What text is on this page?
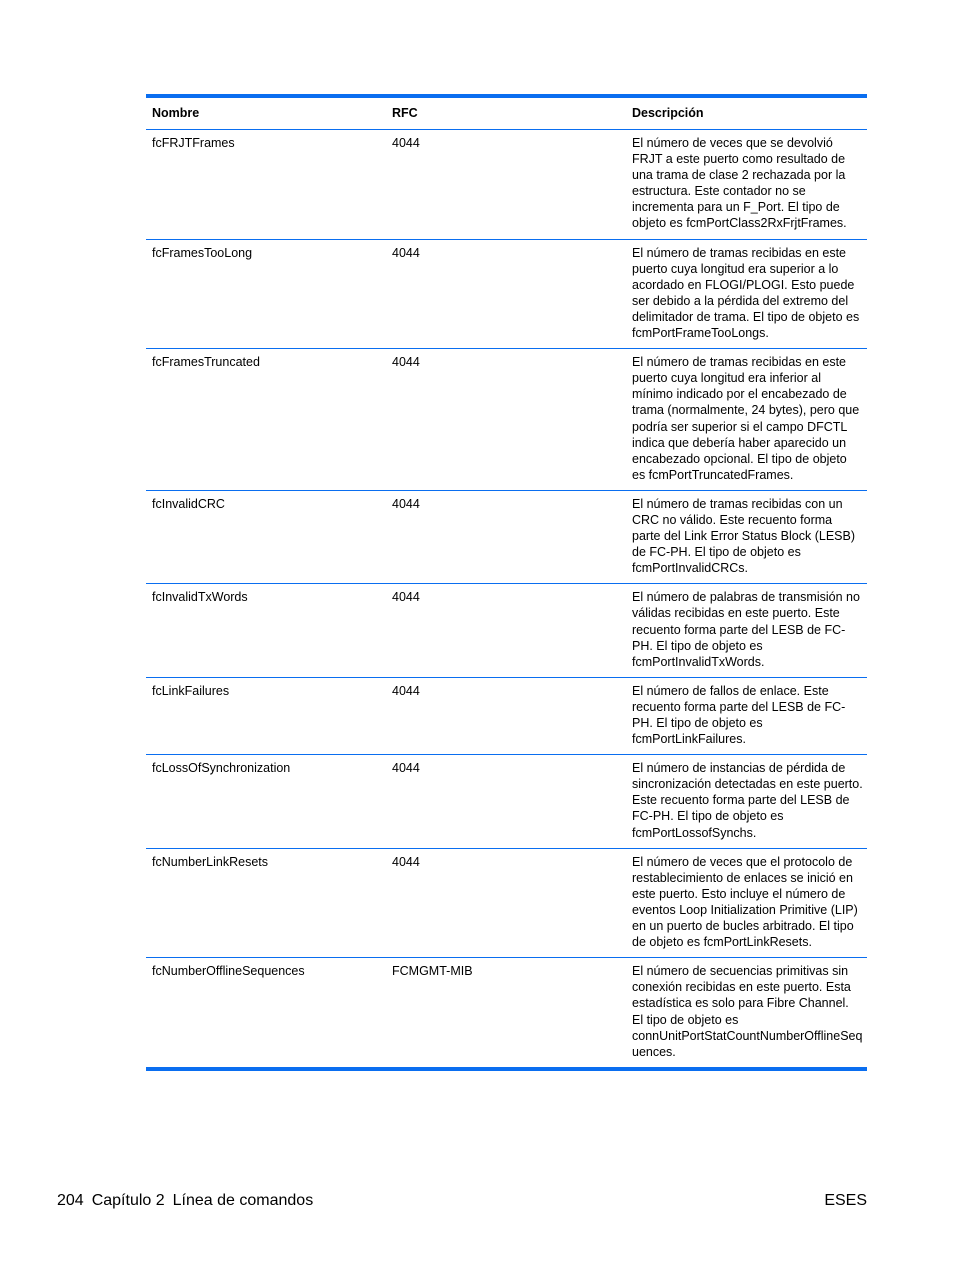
Nombre	RFC	Descripción
fcFRJTFrames	4044	El número de veces que se devolvió FRJT a este puerto como resultado de una trama de clase 2 rechazada por la estructura. Este contador no se incrementa para un F_Port. El tipo de objeto es fcmPortClass2RxFrjtFrames.
fcFramesTooLong	4044	El número de tramas recibidas en este puerto cuya longitud era superior a lo acordado en FLOGI/PLOGI. Esto puede ser debido a la pérdida del extremo del delimitador de trama. El tipo de objeto es fcmPortFrameTooLongs.
fcFramesTruncated	4044	El número de tramas recibidas en este puerto cuya longitud era inferior al mínimo indicado por el encabezado de trama (normalmente, 24 bytes), pero que podría ser superior si el campo DFCTL indica que debería haber aparecido un encabezado opcional. El tipo de objeto es fcmPortTruncatedFrames.
fcInvalidCRC	4044	El número de tramas recibidas con un CRC no válido. Este recuento forma parte del Link Error Status Block (LESB) de FC-PH. El tipo de objeto es fcmPortInvalidCRCs.
fcInvalidTxWords	4044	El número de palabras de transmisión no válidas recibidas en este puerto. Este recuento forma parte del LESB de FC-PH. El tipo de objeto es fcmPortInvalidTxWords.
fcLinkFailures	4044	El número de fallos de enlace. Este recuento forma parte del LESB de FC-PH. El tipo de objeto es fcmPortLinkFailures.
fcLossOfSynchronization	4044	El número de instancias de pérdida de sincronización detectadas en este puerto. Este recuento forma parte del LESB de FC-PH. El tipo de objeto es fcmPortLossofSynchs.
fcNumberLinkResets	4044	El número de veces que el protocolo de restablecimiento de enlaces se inició en este puerto. Esto incluye el número de eventos Loop Initialization Primitive (LIP) en un puerto de bucles arbitrado. El tipo de objeto es fcmPortLinkResets.
fcNumberOfflineSequences	FCMGMT-MIB	El número de secuencias primitivas sin conexión recibidas en este puerto. Esta estadística es solo para Fibre Channel. El tipo de objeto es connUnitPortStatCountNumberOfflineSequences.
204 Capítulo 2 Línea de comandos	ESES
